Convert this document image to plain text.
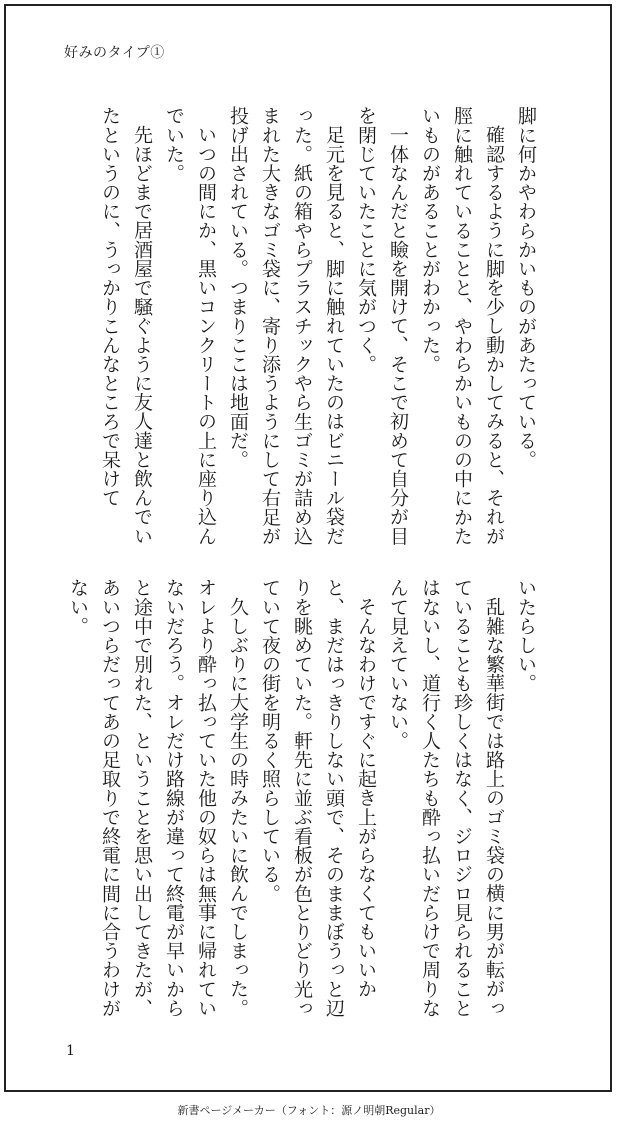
好みのタイプ①

脚に何かやわらかいものがあたっている。

確認するように脚を少し動かしてみると、それが脛に触れていることと、やわらかいものの中にかたいものがあることがわかった。

一体なんだと瞼を開けて、そこで初めて自分が目を閉じていたことに気がつく。

足元を見ると、脚に触れていたのはビニール袋だった。紙の箱やらプラスチックやら生ゴミが詰め込まれた大きなゴミ袋に、寄り添うようにして右足が投げ出されている。つまりここは地面だ。

いつの間にか、黒いコンクリートの上に座り込んでいた。

先ほどまで居酒屋で騒ぐように友人達と飲んでいたというのに、うっかりこんなところで呆けて

いたらしい。

乱雑な繁華街では路上のゴミ袋の横に男が転がっていることも珍しくはなく、ジロジロ見られることはないし、道行く人たちも酔っ払いだらけで周りなんて見えていない。

そんなわけですぐに起き上がらなくてもいいかと、まだはっきりしない頭で、そのままぼうっと辺りを眺めていた。軒先に並ぶ看板が色とりどり光っていて夜の街を明るく照らしている。

久しぶりに大学生の時みたいに飲んでしまった。オレより酔っ払っていた他の奴らは無事に帰れていないだろう。オレだけ路線が違って終電が早いからと途中で別れた、ということを思い出してきたが、あいつらだってあの足取りで終電に間に合うわけがない。

1
新書ページメーカー（フォント：源ノ明朝Regular）
